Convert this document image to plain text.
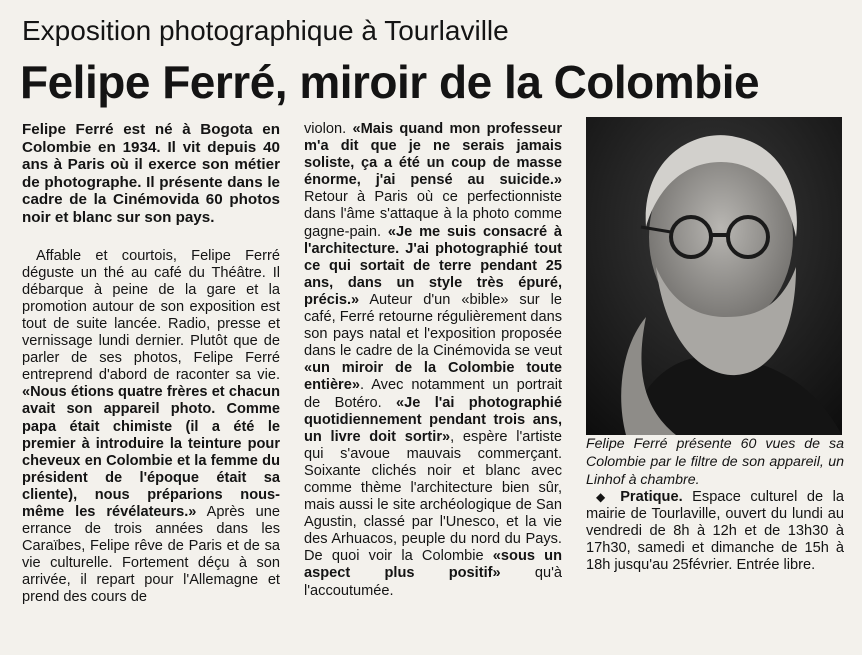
Exposition photographique à Tourlaville
Felipe Ferré, miroir de la Colombie

Felipe Ferré est né à Bogota en Colombie en 1934. Il vit depuis 40 ans à Paris où il exerce son métier de photographe. Il présente dans le cadre de la Cinémovida 60 photos noir et blanc sur son pays.

Affable et courtois, Felipe Ferré déguste un thé au café du Théâtre. Il débarque à peine de la gare et la promotion autour de son exposition est tout de suite lancée. Radio, presse et vernissage lundi dernier. Plutôt que de parler de ses photos, Felipe Ferré entreprend d'abord de raconter sa vie. «Nous étions quatre frères et chacun avait son appareil photo. Comme papa était chimiste (il a été le premier à introduire la teinture pour cheveux en Colombie et la femme du président de l'époque était sa cliente), nous préparions nous-même les révélateurs.» Après une errance de trois années dans les Caraïbes, Felipe rêve de Paris et de sa vie culturelle. Fortement déçu à son arrivée, il repart pour l'Allemagne et prend des cours de

violon. «Mais quand mon professeur m'a dit que je ne serais jamais soliste, ça a été un coup de masse énorme, j'ai pensé au suicide.» Retour à Paris où ce perfectionniste dans l'âme s'attaque à la photo comme gagne-pain. «Je me suis consacré à l'architecture. J'ai photographié tout ce qui sortait de terre pendant 25 ans, dans un style très épuré, précis.» Auteur d'un «bible» sur le café, Ferré retourne régulièrement dans son pays natal et l'exposition proposée dans le cadre de la Cinémovida se veut «un miroir de la Colombie toute entière». Avec notamment un portrait de Botéro. «Je l'ai photographié quotidiennement pendant trois ans, un livre doit sortir», espère l'artiste qui s'avoue mauvais commerçant. Soixante clichés noir et blanc avec comme thème l'architecture bien sûr, mais aussi le site archéologique de San Agustin, classé par l'Unesco, et la vie des Arhuacos, peuple du nord du Pays. De quoi voir la Colombie «sous un aspect plus positif» qu'à l'accoutumée.

Felipe Ferré présente 60 vues de sa Colombie par le filtre de son appareil, un Linhof à chambre.

◆ Pratique. Espace culturel de la mairie de Tourlaville, ouvert du lundi au vendredi de 8h à 12h et de 13h30 à 17h30, samedi et dimanche de 15h à 18h jusqu'au 25février. Entrée libre.
